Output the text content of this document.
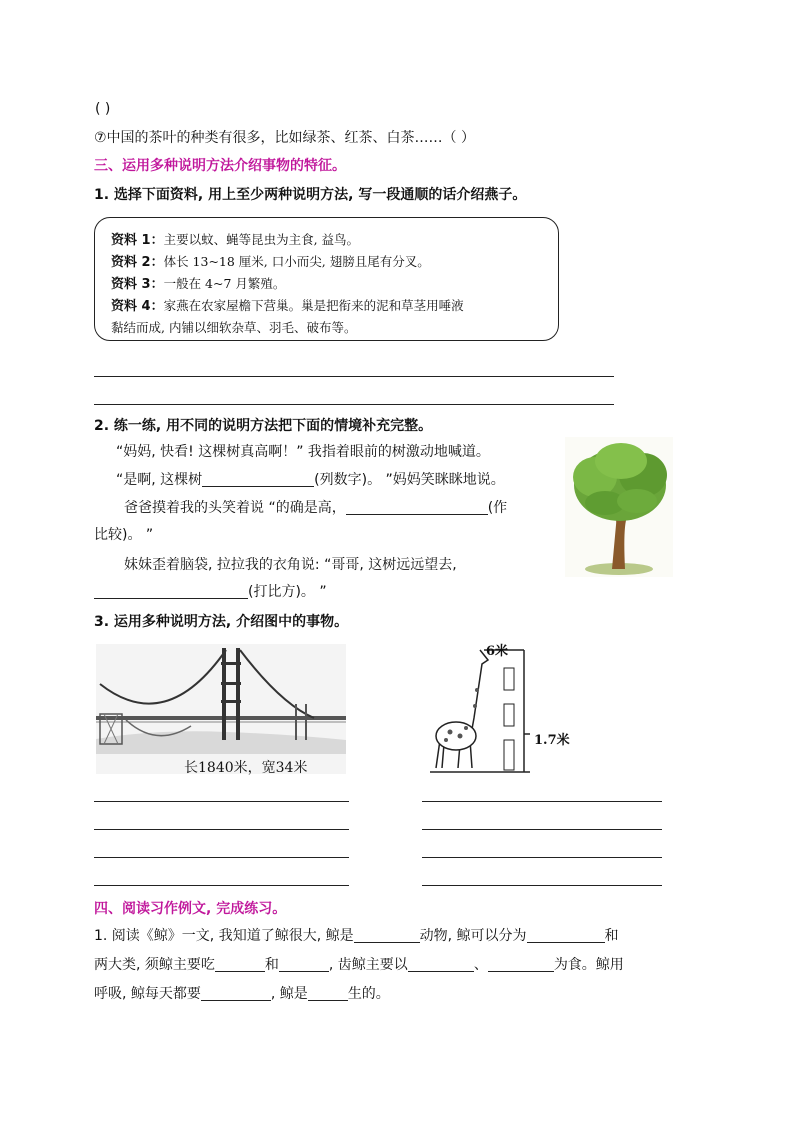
( )
⑦中国的茶叶的种类有很多，比如绿茶、红茶、白茶……（ ）
三、运用多种说明方法介绍事物的特征。
1. 选择下面资料, 用上至少两种说明方法, 写一段通顺的话介绍燕子。
资料 1：主要以蚊、蝇等昆虫为主食, 益鸟。
资料 2：体长 13~18 厘米, 口小而尖, 翅膀且尾有分叉。
资料 3：一般在 4~7 月繁殖。
资料 4：家燕在农家屋檐下营巢。巢是把衔来的泥和草茎用唾液
黏结而成, 内铺以细软杂草、羽毛、破布等。
2. 练一练, 用不同的说明方法把下面的情境补充完整。
“妈妈, 快看! 这棵树真高啊！” 我指着眼前的树激动地喊道。
“是啊, 这棵树	(列数字)。 ”妈妈笑眯眯地说。
爸爸摸着我的头笑着说 “的确是高，	(作
比较)。 ”
妹妹歪着脑袋, 拉拉我的衣角说: “哥哥, 这树远远望去,
(打比方)。 ”
3. 运用多种说明方法, 介绍图中的事物。
长1840米，宽34米
6米
1.7米
四、阅读习作例文, 完成练习。
1. 阅读《鲸》一文, 我知道了鲸很大, 鲸是	动物, 鲸可以分为	和
两大类, 须鲸主要吃	和	, 齿鲸主要以	、	为食。鲸用
呼吸, 鲸每天都要	, 鲸是	生的。
